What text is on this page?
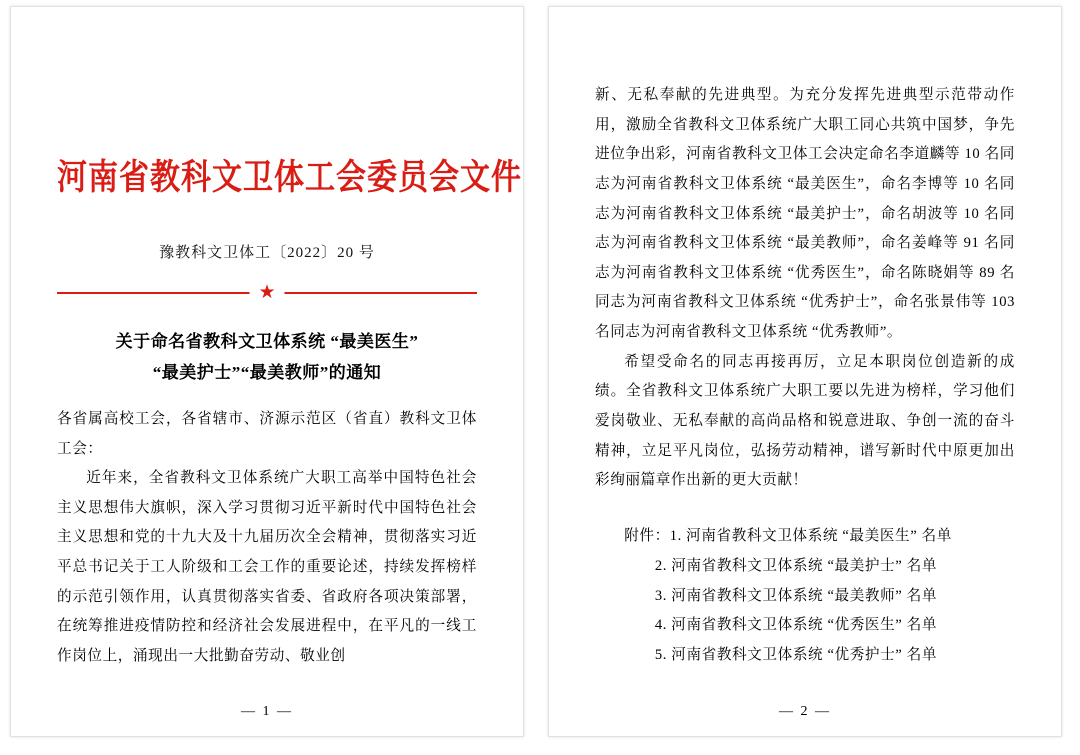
河南省教科文卫体工会委员会文件
豫教科文卫体工〔2022〕20 号
★
关于命名省教科文卫体系统 “最美医生”
“最美护士”“最美教师”的通知

各省属高校工会，各省辖市、济源示范区（省直）教科文卫体工会：

近年来，全省教科文卫体系统广大职工高举中国特色社会主义思想伟大旗帜，深入学习贯彻习近平新时代中国特色社会主义思想和党的十九大及十九届历次全会精神，贯彻落实习近平总书记关于工人阶级和工会工作的重要论述，持续发挥榜样的示范引领作用，认真贯彻落实省委、省政府各项决策部署，在统筹推进疫情防控和经济社会发展进程中，在平凡的一线工作岗位上，涌现出一大批勤奋劳动、敬业创

— 1 —

新、无私奉献的先进典型。为充分发挥先进典型示范带动作用，激励全省教科文卫体系统广大职工同心共筑中国梦，争先进位争出彩，河南省教科文卫体工会决定命名李道麟等 10 名同志为河南省教科文卫体系统 “最美医生”，命名李博等 10 名同志为河南省教科文卫体系统 “最美护士”，命名胡波等 10 名同志为河南省教科文卫体系统 “最美教师”，命名姜峰等 91 名同志为河南省教科文卫体系统 “优秀医生”，命名陈晓娟等 89 名同志为河南省教科文卫体系统 “优秀护士”，命名张景伟等 103 名同志为河南省教科文卫体系统 “优秀教师”。

希望受命名的同志再接再厉，立足本职岗位创造新的成绩。全省教科文卫体系统广大职工要以先进为榜样，学习他们爱岗敬业、无私奉献的高尚品格和锐意进取、争创一流的奋斗精神，立足平凡岗位，弘扬劳动精神，谱写新时代中原更加出彩绚丽篇章作出新的更大贡献！

附件：1. 河南省教科文卫体系统 “最美医生” 名单
2. 河南省教科文卫体系统 “最美护士” 名单
3. 河南省教科文卫体系统 “最美教师” 名单
4. 河南省教科文卫体系统 “优秀医生” 名单
5. 河南省教科文卫体系统 “优秀护士” 名单
— 2 —
